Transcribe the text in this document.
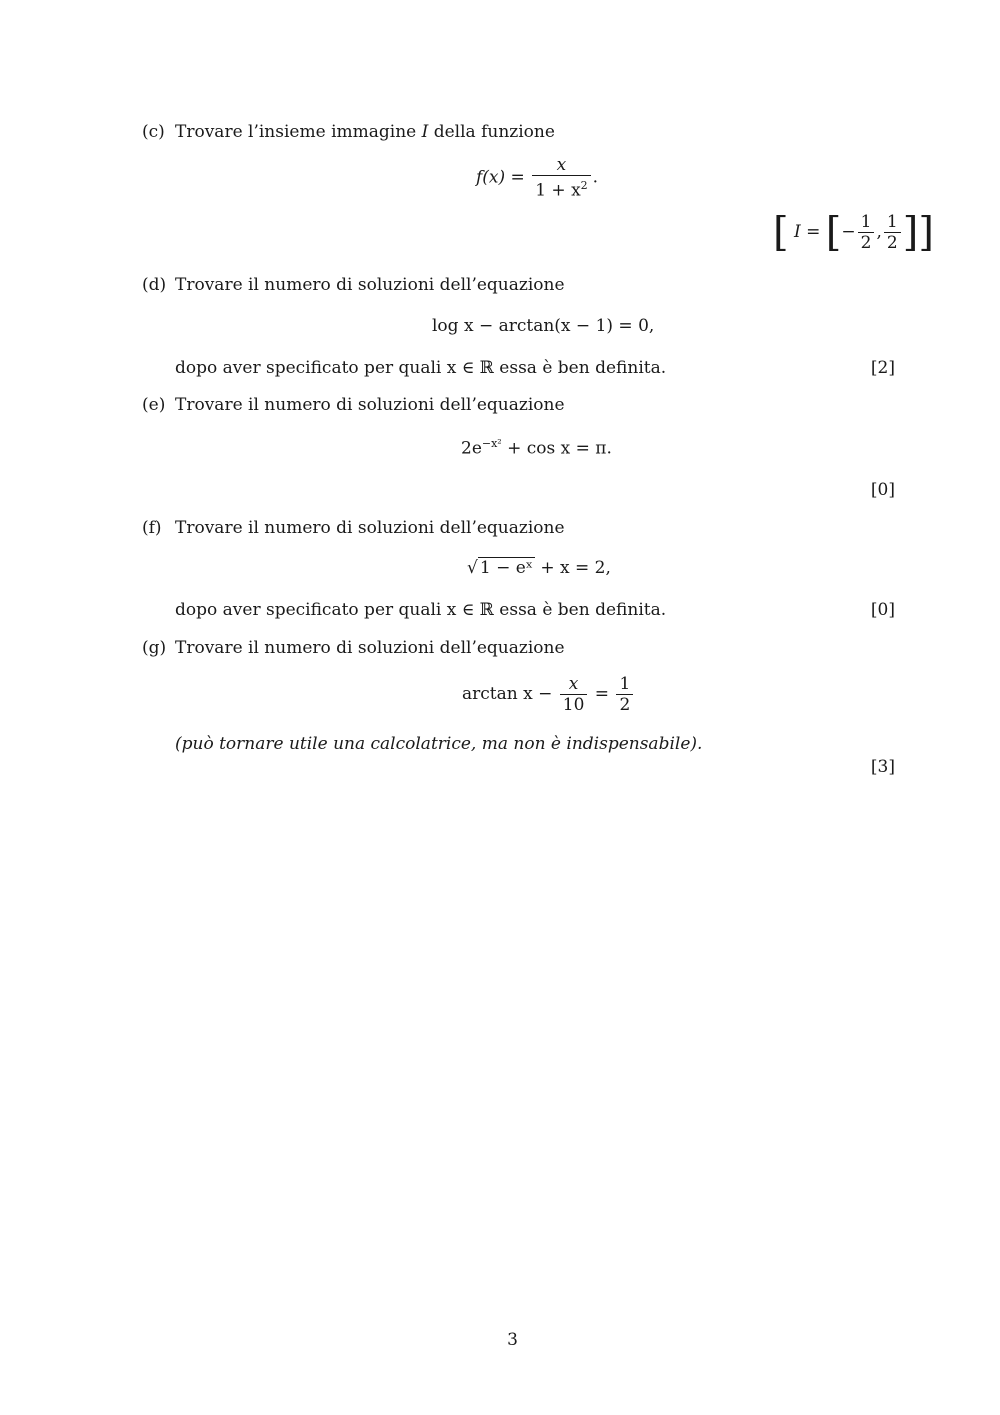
(c) Trovare l’insieme immagine I della funzione
$f(x) = \frac{x}{1 + x^2}$ .
[ I = [− $\frac{1}{2}$ , $\frac{1}{2}$ ]]
(d) Trovare il numero di soluzioni dell’equazione
log x − arctan(x − 1) = 0,
dopo aver specificato per quali x ∈ ℝ essa è ben definita.	[2]
(e) Trovare il numero di soluzioni dell’equazione
$2e^{-x^2} + \cos x = \pi$.
[0]
(f) Trovare il numero di soluzioni dell’equazione
√ 1 − eˣ + x = 2,
dopo aver specificato per quali x ∈ ℝ essa è ben definita.	[0]
(g) Trovare il numero di soluzioni dell’equazione
$\arctan x - \frac{x}{10} = \frac{1}{2}$
(può tornare utile una calcolatrice, ma non è indispensabile).
[3]
3
